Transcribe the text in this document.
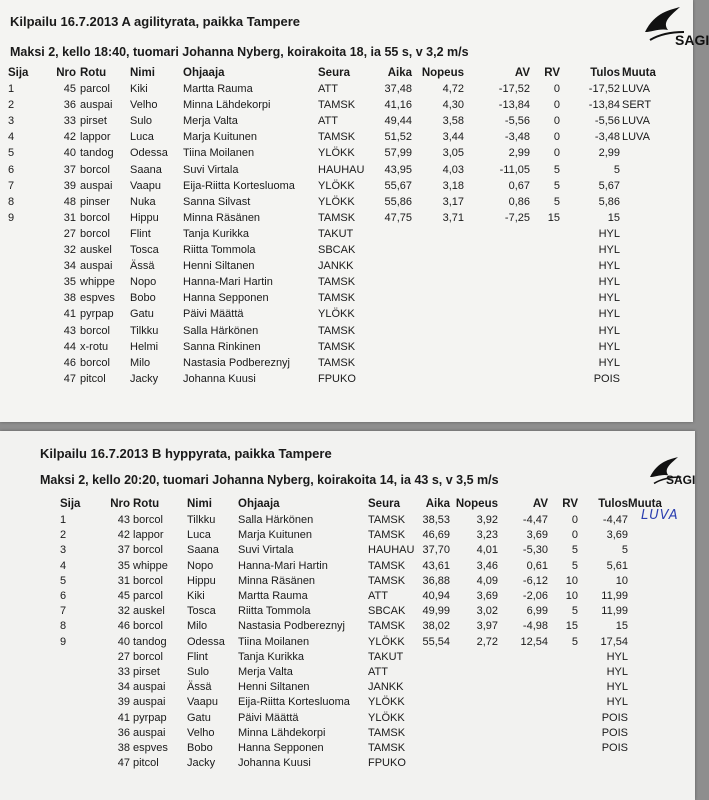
Kilpailu 16.7.2013 A agilityrata, paikka Tampere
Maksi 2, kello 18:40, tuomari Johanna Nyberg, koirakoita 18, ia 55 s, v 3,2 m/s
SAGI
Sija	Nro Rotu	Nimi	Ohjaaja	Seura	Aika Nopeus	AV	RV	Tulos Muuta
1	45 parcol	Kiki	Martta Rauma	ATT	37,48	4,72	-17,52	0	-17,52 LUVA
2	36 auspai	Velho	Minna Lähdekorpi	TAMSK	41,16	4,30	-13,84	0	-13,84 SERT
3	33 pirset	Sulo	Merja Valta	ATT	49,44	3,58	-5,56	0	-5,56 LUVA
4	42 lappor	Luca	Marja Kuitunen	TAMSK	51,52	3,44	-3,48	0	-3,48 LUVA
5	40 tandog	Odessa	Tiina Moilanen	YLÖKK	57,99	3,05	2,99	0	2,99
6	37 borcol	Saana	Suvi Virtala	HAUHAU	43,95	4,03	-11,05	5	5
7	39 auspai	Vaapu	Eija-Riitta Kortesluoma	YLÖKK	55,67	3,18	0,67	5	5,67
8	48 pinser	Nuka	Sanna Silvast	YLÖKK	55,86	3,17	0,86	5	5,86
9	31 borcol	Hippu	Minna Räsänen	TAMSK	47,75	3,71	-7,25	15	15
27 borcol	Flint	Tanja Kurikka	TAKUT	HYL
32 auskel	Tosca	Riitta Tommola	SBCAK	HYL
34 auspai	Ässä	Henni Siltanen	JANKK	HYL
35 whippe	Nopo	Hanna-Mari Hartin	TAMSK	HYL
38 espves	Bobo	Hanna Sepponen	TAMSK	HYL
41 pyrpap	Gatu	Päivi Määttä	YLÖKK	HYL
43 borcol	Tilkku	Salla Härkönen	TAMSK	HYL
44 x-rotu	Helmi	Sanna Rinkinen	TAMSK	HYL
46 borcol	Milo	Nastasia Podbereznyj	TAMSK	HYL
47 pitcol	Jacky	Johanna Kuusi	FPUKO	POIS
Kilpailu 16.7.2013 B hyppyrata, paikka Tampere
Maksi 2, kello 20:20, tuomari Johanna Nyberg, koirakoita 14, ia 43 s, v 3,5 m/s	SAGI
LUVA
Sija	Nro Rotu	Nimi	Ohjaaja	Seura	Aika Nopeus	AV	RV	Tulos Muuta
1	43 borcol	Tilkku	Salla Härkönen	TAMSK	38,53	3,92	-4,47	0	-4,47
2	42 lappor	Luca	Marja Kuitunen	TAMSK	46,69	3,23	3,69	0	3,69
3	37 borcol	Saana	Suvi Virtala	HAUHAU 37,70	4,01	-5,30	5	5
4	35 whippe	Nopo	Hanna-Mari Hartin	TAMSK	43,61	3,46	0,61	5	5,61
5	31 borcol	Hippu	Minna Räsänen	TAMSK	36,88	4,09	-6,12	10	10
6	45 parcol	Kiki	Martta Rauma	ATT	40,94	3,69	-2,06	10	11,99
7	32 auskel	Tosca	Riitta Tommola	SBCAK	49,99	3,02	6,99	5	11,99
8	46 borcol	Milo	Nastasia Podbereznyj	TAMSK	38,02	3,97	-4,98	15	15
9	40 tandog	Odessa	Tiina Moilanen	YLÖKK	55,54	2,72	12,54	5	17,54
27 borcol	Flint	Tanja Kurikka	TAKUT	HYL
33 pirset	Sulo	Merja Valta	ATT	HYL
34 auspai	Ässä	Henni Siltanen	JANKK	HYL
39 auspai	Vaapu	Eija-Riitta Kortesluoma	YLÖKK	HYL
41 pyrpap	Gatu	Päivi Määttä	YLÖKK	POIS
36 auspai	Velho	Minna Lähdekorpi	TAMSK	POIS
38 espves	Bobo	Hanna Sepponen	TAMSK	POIS
47 pitcol	Jacky	Johanna Kuusi	FPUKO
